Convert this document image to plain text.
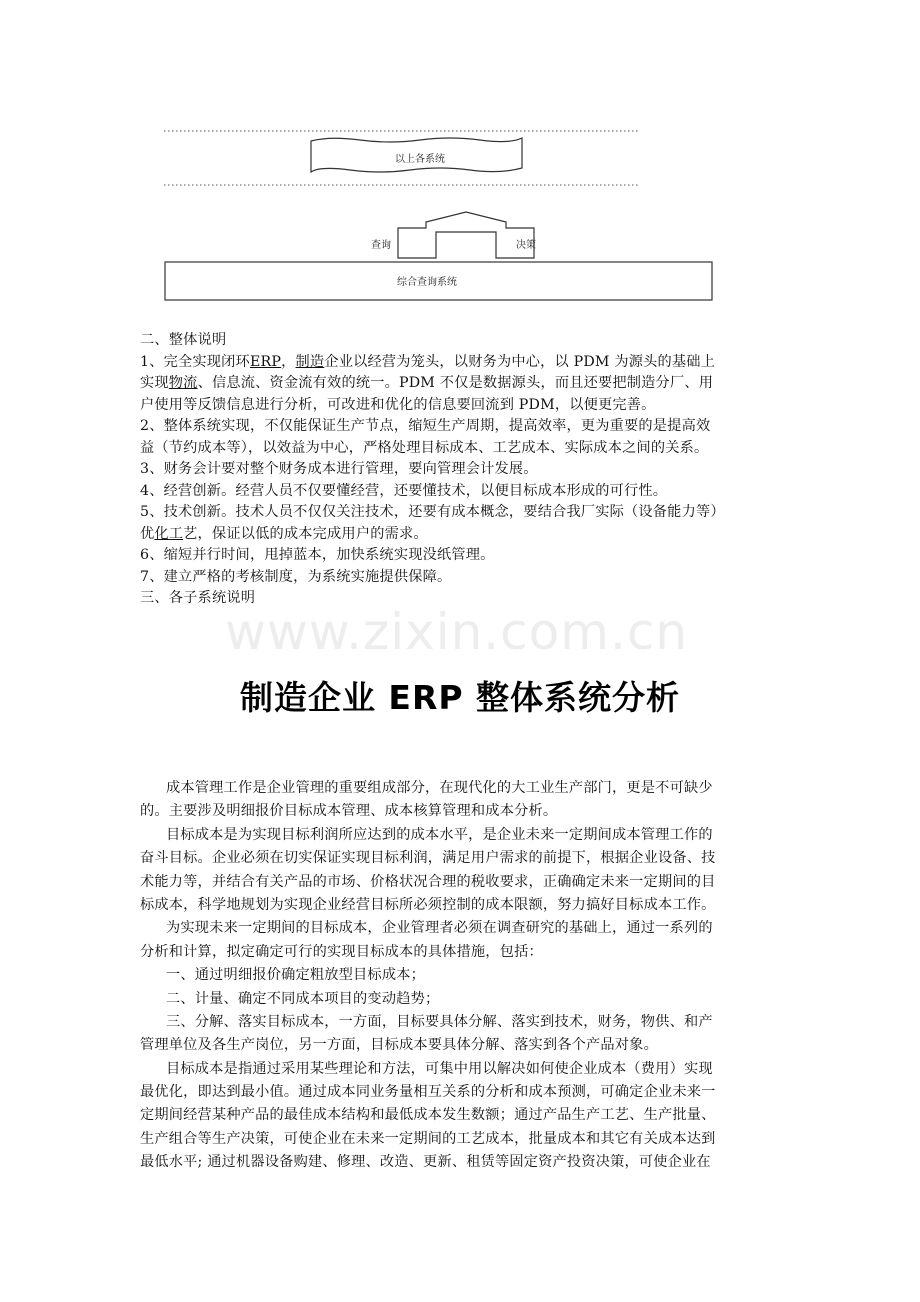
以上各系统
查询	决策
综合查询系统
www.zixin.com.cn
二、整体说明
1、完全实现闭环ERP，制造企业以经营为笼头，以财务为中心，以 PDM 为源头的基础上
实现物流、信息流、资金流有效的统一。PDM 不仅是数据源头，而且还要把制造分厂、用
户使用等反馈信息进行分析，可改进和优化的信息要回流到 PDM，以便更完善。
2、整体系统实现，不仅能保证生产节点，缩短生产周期，提高效率，更为重要的是提高效
益（节约成本等），以效益为中心，严格处理目标成本、工艺成本、实际成本之间的关系。
3、财务会计要对整个财务成本进行管理，要向管理会计发展。
4、经营创新。经营人员不仅要懂经营，还要懂技术，以便目标成本形成的可行性。
5、技术创新。技术人员不仅仅关注技术，还要有成本概念，要结合我厂实际（设备能力等）
优化工艺，保证以低的成本完成用户的需求。
6、缩短并行时间，甩掉蓝本，加快系统实现没纸管理。
7、建立严格的考核制度，为系统实施提供保障。
三、各子系统说明
制造企业 ERP 整体系统分析
成本管理工作是企业管理的重要组成部分，在现代化的大工业生产部门，更是不可缺少
的。主要涉及明细报价目标成本管理、成本核算管理和成本分析。
目标成本是为实现目标利润所应达到的成本水平，是企业未来一定期间成本管理工作的
奋斗目标。企业必须在切实保证实现目标利润，满足用户需求的前提下，根据企业设备、技
术能力等，并结合有关产品的市场、价格状况合理的税收要求，正确确定未来一定期间的目
标成本，科学地规划为实现企业经营目标所必须控制的成本限额，努力搞好目标成本工作。
为实现未来一定期间的目标成本，企业管理者必须在调查研究的基础上，通过一系列的
分析和计算，拟定确定可行的实现目标成本的具体措施，包括：
一、通过明细报价确定粗放型目标成本；
二、计量、确定不同成本项目的变动趋势；
三、分解、落实目标成本，一方面，目标要具体分解、落实到技术，财务，物供、和产
管理单位及各生产岗位，另一方面，目标成本要具体分解、落实到各个产品对象。
目标成本是指通过采用某些理论和方法，可集中用以解决如何使企业成本（费用）实现
最优化，即达到最小值。通过成本同业务量相互关系的分析和成本预测，可确定企业未来一
定期间经营某种产品的最佳成本结构和最低成本发生数额；通过产品生产工艺、生产批量、
生产组合等生产决策，可使企业在未来一定期间的工艺成本，批量成本和其它有关成本达到
最低水平; 通过机器设备购建、修理、改造、更新、租赁等固定资产投资决策，可使企业在
